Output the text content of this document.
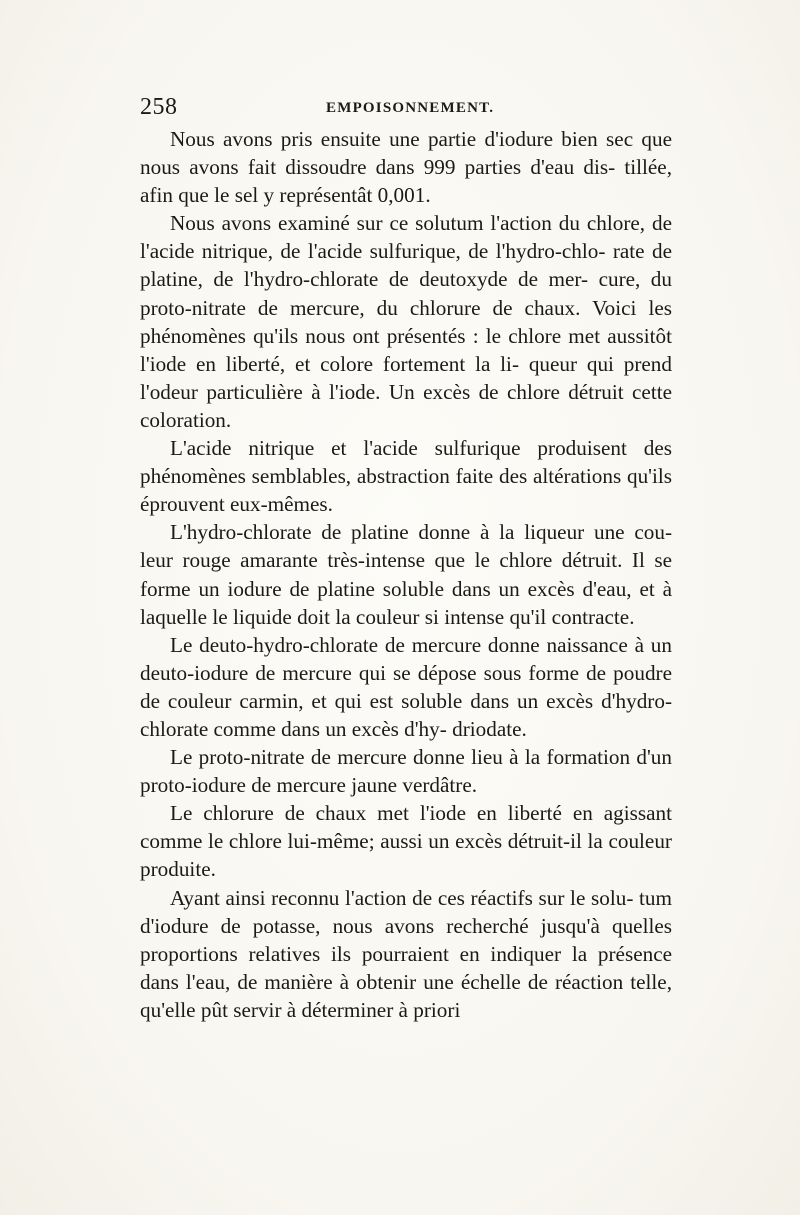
258	EMPOISONNEMENT.

Nous avons pris ensuite une partie d'iodure bien sec que nous avons fait dissoudre dans 999 parties d'eau dis- tillée, afin que le sel y représentât 0,001.

Nous avons examiné sur ce solutum l'action du chlore, de l'acide nitrique, de l'acide sulfurique, de l'hydro-chlo- rate de platine, de l'hydro-chlorate de deutoxyde de mer- cure, du proto-nitrate de mercure, du chlorure de chaux. Voici les phénomènes qu'ils nous ont présentés : le chlore met aussitôt l'iode en liberté, et colore fortement la li- queur qui prend l'odeur particulière à l'iode. Un excès de chlore détruit cette coloration.

L'acide nitrique et l'acide sulfurique produisent des phénomènes semblables, abstraction faite des altérations qu'ils éprouvent eux-mêmes.

L'hydro-chlorate de platine donne à la liqueur une cou- leur rouge amarante très-intense que le chlore détruit. Il se forme un iodure de platine soluble dans un excès d'eau, et à laquelle le liquide doit la couleur si intense qu'il contracte.

Le deuto-hydro-chlorate de mercure donne naissance à un deuto-iodure de mercure qui se dépose sous forme de poudre de couleur carmin, et qui est soluble dans un excès d'hydro-chlorate comme dans un excès d'hy- driodate.

Le proto-nitrate de mercure donne lieu à la formation d'un proto-iodure de mercure jaune verdâtre.

Le chlorure de chaux met l'iode en liberté en agissant comme le chlore lui-même; aussi un excès détruit-il la couleur produite.

Ayant ainsi reconnu l'action de ces réactifs sur le solu- tum d'iodure de potasse, nous avons recherché jusqu'à quelles proportions relatives ils pourraient en indiquer la présence dans l'eau, de manière à obtenir une échelle de réaction telle, qu'elle pût servir à déterminer à priori
